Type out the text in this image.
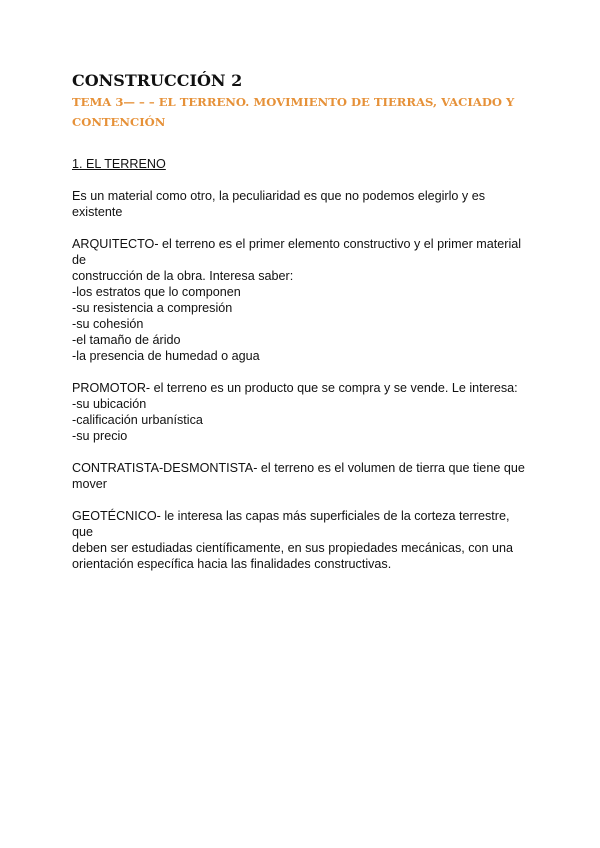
CONSTRUCCIÓN 2
TEMA 3— – – EL TERRENO. MOVIMIENTO DE TIERRAS, VACIADO Y
CONTENCIÓN
1. EL TERRENO
Es un material como otro, la peculiaridad es que no podemos elegirlo y es existente
ARQUITECTO- el terreno es el primer elemento constructivo y el primer material de
construcción de la obra. Interesa saber:
-los estratos que lo componen
-su resistencia a compresión
-su cohesión
-el tamaño de árido
-la presencia de humedad o agua
PROMOTOR- el terreno es un producto que se compra y se vende. Le interesa:
-su ubicación
-calificación urbanística
-su precio
CONTRATISTA-DESMONTISTA- el terreno es el volumen de tierra que tiene que
mover
GEOTÉCNICO- le interesa las capas más superficiales de la corteza terrestre, que
deben ser estudiadas científicamente, en sus propiedades mecánicas, con una
orientación específica hacia las finalidades constructivas.
